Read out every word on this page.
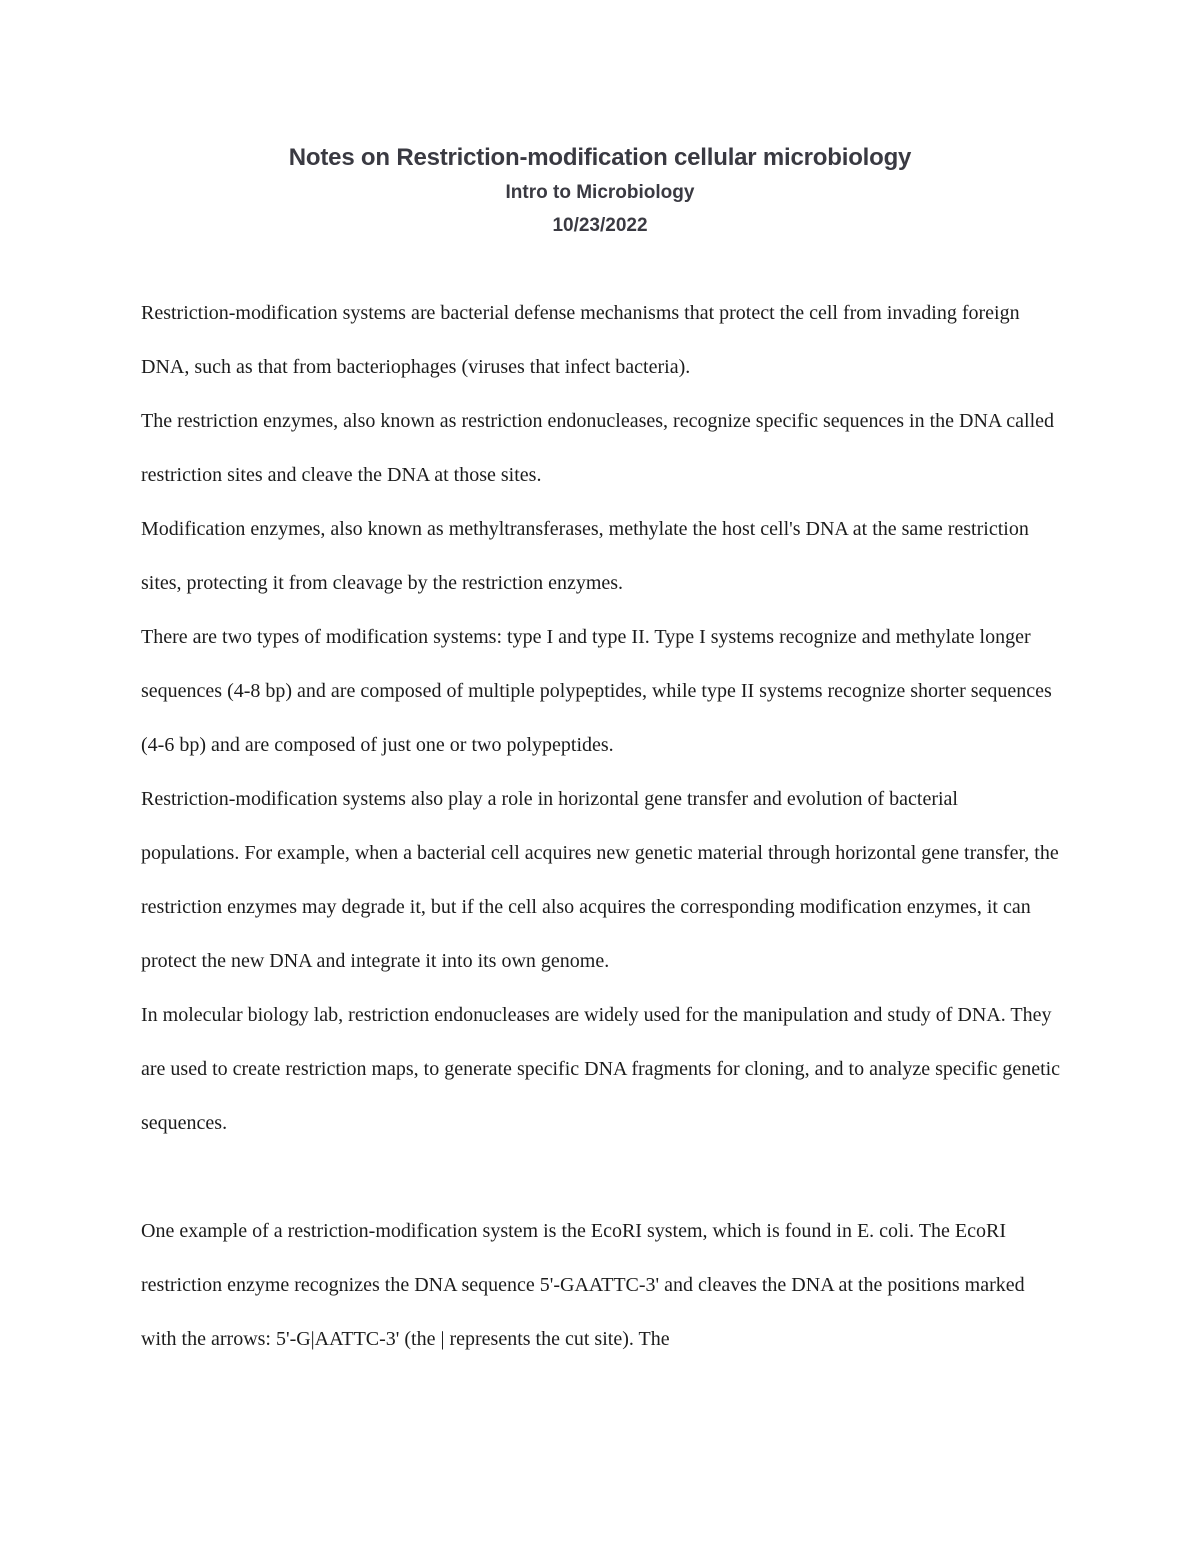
Notes on Restriction-modification cellular microbiology
Intro to Microbiology
10/23/2022

Restriction-modification systems are bacterial defense mechanisms that protect the cell from invading foreign DNA, such as that from bacteriophages (viruses that infect bacteria).

The restriction enzymes, also known as restriction endonucleases, recognize specific sequences in the DNA called restriction sites and cleave the DNA at those sites.

Modification enzymes, also known as methyltransferases, methylate the host cell's DNA at the same restriction sites, protecting it from cleavage by the restriction enzymes.

There are two types of modification systems: type I and type II. Type I systems recognize and methylate longer sequences (4-8 bp) and are composed of multiple polypeptides, while type II systems recognize shorter sequences (4-6 bp) and are composed of just one or two polypeptides.

Restriction-modification systems also play a role in horizontal gene transfer and evolution of bacterial populations. For example, when a bacterial cell acquires new genetic material through horizontal gene transfer, the restriction enzymes may degrade it, but if the cell also acquires the corresponding modification enzymes, it can protect the new DNA and integrate it into its own genome.

In molecular biology lab, restriction endonucleases are widely used for the manipulation and study of DNA. They are used to create restriction maps, to generate specific DNA fragments for cloning, and to analyze specific genetic sequences.

One example of a restriction-modification system is the EcoRI system, which is found in E. coli. The EcoRI restriction enzyme recognizes the DNA sequence 5'-GAATTC-3' and cleaves the DNA at the positions marked with the arrows: 5'-G|AATTC-3' (the | represents the cut site). The
